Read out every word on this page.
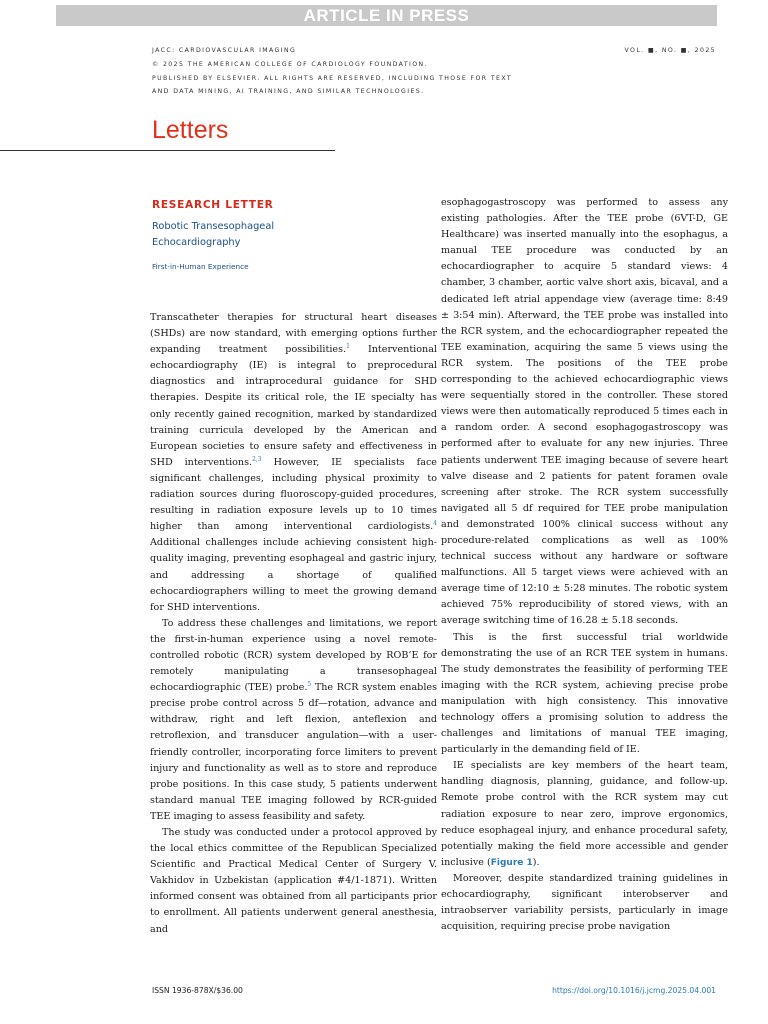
ARTICLE IN PRESS
JACC: CARDIOVASCULAR IMAGING
© 2025 THE AMERICAN COLLEGE OF CARDIOLOGY FOUNDATION.
PUBLISHED BY ELSEVIER. ALL RIGHTS ARE RESERVED, INCLUDING THOSE FOR TEXT
AND DATA MINING, AI TRAINING, AND SIMILAR TECHNOLOGIES.
VOL. ■, NO. ■, 2025
Letters
RESEARCH LETTER
Robotic Transesophageal Echocardiography
First-in-Human Experience

Transcatheter therapies for structural heart diseases (SHDs) are now standard, with emerging options further expanding treatment possibilities.$^1$ Interventional echocardiography (IE) is integral to preprocedural diagnostics and intraprocedural guidance for SHD therapies. Despite its critical role, the IE specialty has only recently gained recognition, marked by standardized training curricula developed by the American and European societies to ensure safety and effectiveness in SHD interventions.$^{2,3}$ However, IE specialists face significant challenges, including physical proximity to radiation sources during fluoroscopy-guided procedures, resulting in radiation exposure levels up to 10 times higher than among interventional cardiologists.$^4$ Additional challenges include achieving consistent high-quality imaging, preventing esophageal and gastric injury, and addressing a shortage of qualified echocardiographers willing to meet the growing demand for SHD interventions.

To address these challenges and limitations, we report the first-in-human experience using a novel remote-controlled robotic (RCR) system developed by ROB’E for remotely manipulating a transesophageal echocardiographic (TEE) probe.$^5$ The RCR system enables precise probe control across 5 df—rotation, advance and withdraw, right and left flexion, anteflexion and retroflexion, and transducer angulation—with a user-friendly controller, incorporating force limiters to prevent injury and functionality as well as to store and reproduce probe positions. In this case study, 5 patients underwent standard manual TEE imaging followed by RCR-guided TEE imaging to assess feasibility and safety.

The study was conducted under a protocol approved by the local ethics committee of the Republican Specialized Scientific and Practical Medical Center of Surgery V. Vakhidov in Uzbekistan (application #4/1-1871). Written informed consent was obtained from all participants prior to enrollment. All patients underwent general anesthesia, and

esophagogastroscopy was performed to assess any existing pathologies. After the TEE probe (6VT-D, GE Healthcare) was inserted manually into the esophagus, a manual TEE procedure was conducted by an echocardiographer to acquire 5 standard views: 4 chamber, 3 chamber, aortic valve short axis, bicaval, and a dedicated left atrial appendage view (average time: 8:49 ± 3:54 min). Afterward, the TEE probe was installed into the RCR system, and the echocardiographer repeated the TEE examination, acquiring the same 5 views using the RCR system. The positions of the TEE probe corresponding to the achieved echocardiographic views were sequentially stored in the controller. These stored views were then automatically reproduced 5 times each in a random order. A second esophagogastroscopy was performed after to evaluate for any new injuries. Three patients underwent TEE imaging because of severe heart valve disease and 2 patients for patent foramen ovale screening after stroke. The RCR system successfully navigated all 5 df required for TEE probe manipulation and demonstrated 100% clinical success without any procedure-related complications as well as 100% technical success without any hardware or software malfunctions. All 5 target views were achieved with an average time of 12:10 ± 5:28 minutes. The robotic system achieved 75% reproducibility of stored views, with an average switching time of 16.28 ± 5.18 seconds.

This is the first successful trial worldwide demonstrating the use of an RCR TEE system in humans. The study demonstrates the feasibility of performing TEE imaging with the RCR system, achieving precise probe manipulation with high consistency. This innovative technology offers a promising solution to address the challenges and limitations of manual TEE imaging, particularly in the demanding field of IE.

IE specialists are key members of the heart team, handling diagnosis, planning, guidance, and follow-up. Remote probe control with the RCR system may cut radiation exposure to near zero, improve ergonomics, reduce esophageal injury, and enhance procedural safety, potentially making the field more accessible and gender inclusive (Figure 1).

Moreover, despite standardized training guidelines in echocardiography, significant interobserver and intraobserver variability persists, particularly in image acquisition, requiring precise probe navigation

ISSN 1936-878X/$36.00	https://doi.org/10.1016/j.jcmg.2025.04.001
